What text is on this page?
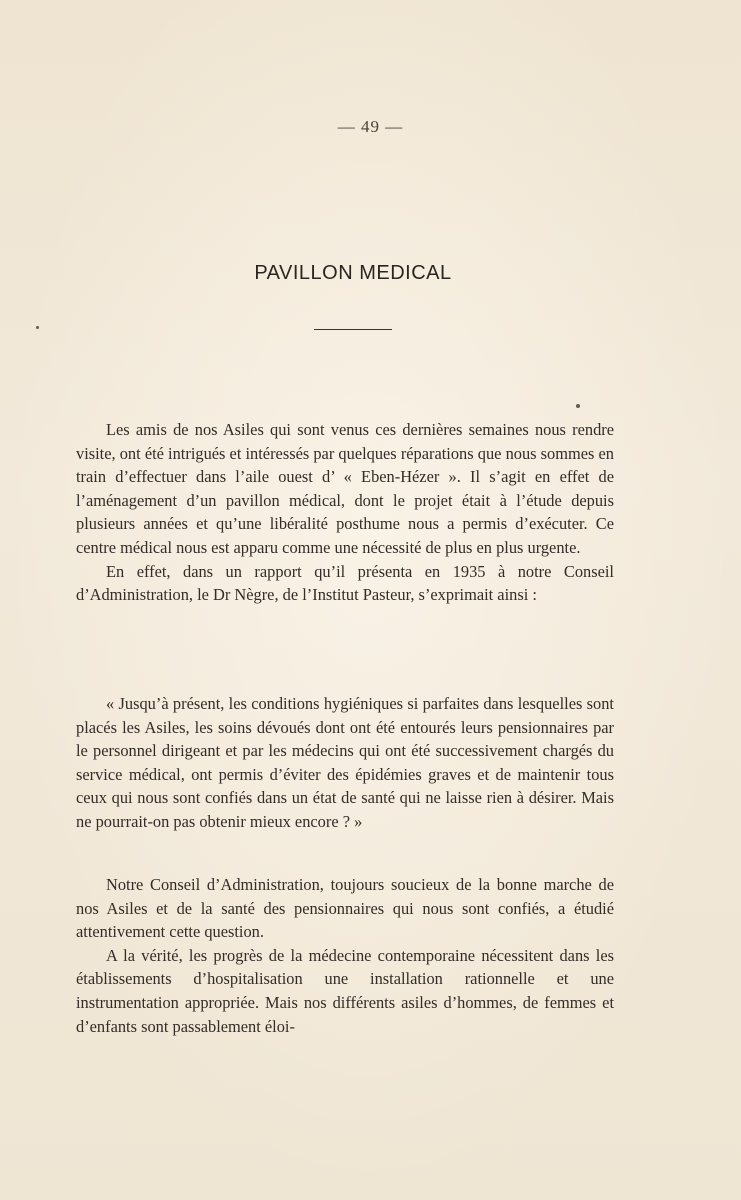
— 49 —
PAVILLON MEDICAL

Les amis de nos Asiles qui sont venus ces dernières semaines nous rendre visite, ont été intrigués et intéressés par quelques réparations que nous sommes en train d’effectuer dans l’aile ouest d’ « Eben-Hézer ». Il s’agit en effet de l’aménagement d’un pavillon médical, dont le projet était à l’étude depuis plusieurs années et qu’une libéralité posthume nous a permis d’exécuter. Ce centre médical nous est apparu comme une nécessité de plus en plus urgente.

En effet, dans un rapport qu’il présenta en 1935 à notre Conseil d’Administration, le Dr Nègre, de l’Institut Pasteur, s’exprimait ainsi :

« Jusqu’à présent, les conditions hygiéniques si parfaites dans lesquelles sont placés les Asiles, les soins dévoués dont ont été entourés leurs pensionnaires par le personnel dirigeant et par les médecins qui ont été successivement chargés du service médical, ont permis d’éviter des épidémies graves et de maintenir tous ceux qui nous sont confiés dans un état de santé qui ne laisse rien à désirer. Mais ne pourrait-on pas obtenir mieux encore ? »

Notre Conseil d’Administration, toujours soucieux de la bonne marche de nos Asiles et de la santé des pensionnaires qui nous sont confiés, a étudié attentivement cette question.

A la vérité, les progrès de la médecine contemporaine nécessitent dans les établissements d’hospitalisation une installation rationnelle et une instrumentation appropriée. Mais nos différents asiles d’hommes, de femmes et d’enfants sont passablement éloi-
